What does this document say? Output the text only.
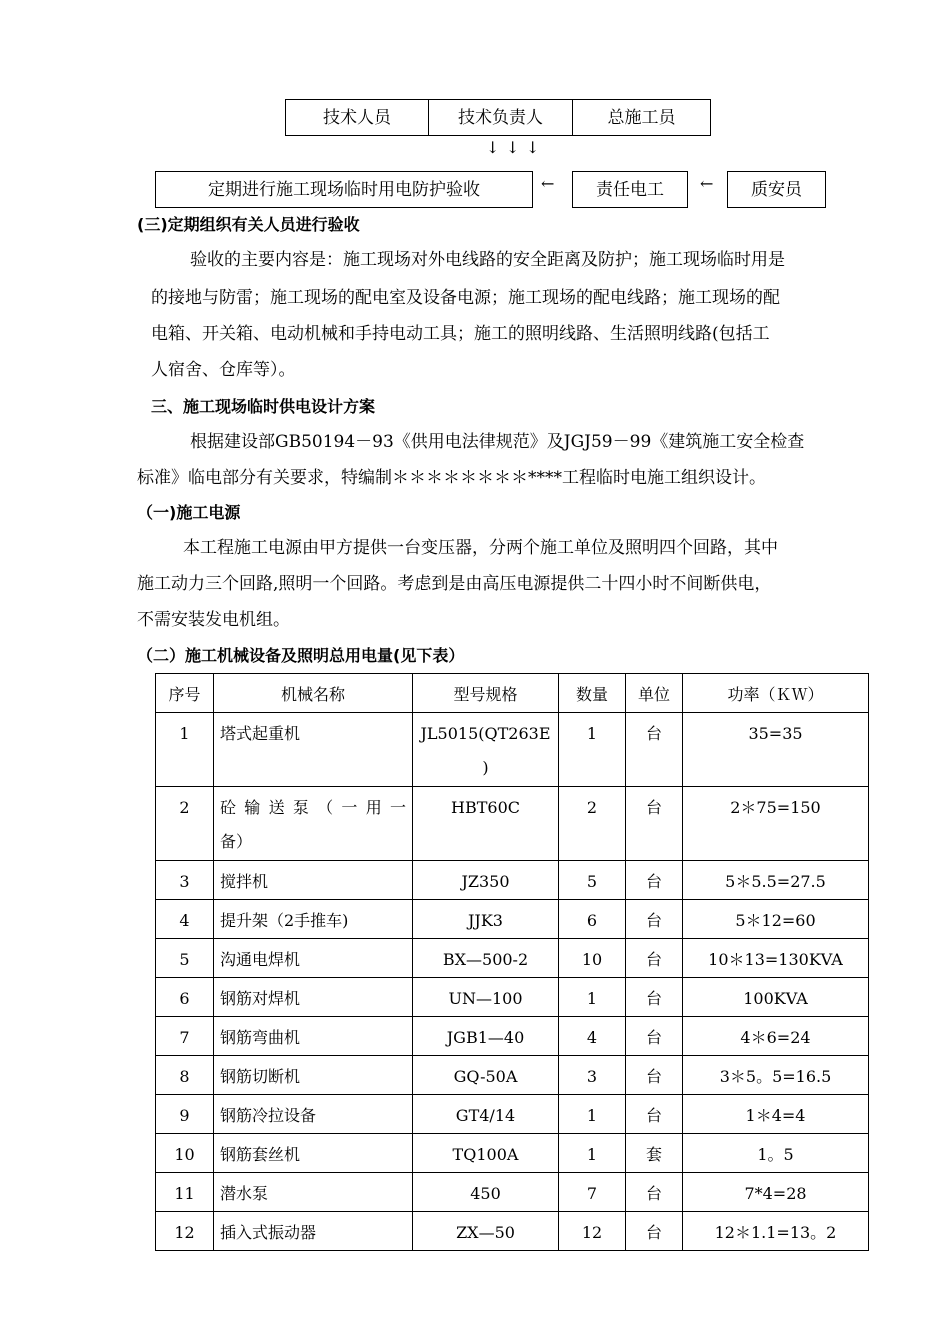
技术人员	技术负责人	总施工员
↓ ↓ ↓
定期进行施工现场临时用电防护验收	←	责任电工	←	质安员
(三)定期组织有关人员进行验收
验收的主要内容是：施工现场对外电线路的安全距离及防护；施工现场临时用是
的接地与防雷；施工现场的配电室及设备电源；施工现场的配电线路；施工现场的配
电箱、开关箱、电动机械和手持电动工具；施工的照明线路、生活照明线路(包括工
人宿舍、仓库等）。
三、施工现场临时供电设计方案
根据建设部GB50194－93《供用电法律规范》及JGJ59－99《建筑施工安全检查
标准》临电部分有关要求，特编制＊＊＊＊＊＊＊＊****工程临时电施工组织设计。
（一)施工电源
本工程施工电源由甲方提供一台变压器，分两个施工单位及照明四个回路，其中
施工动力三个回路,照明一个回路。考虑到是由高压电源提供二十四小时不间断供电，
不需安装发电机组。
（二）施工机械设备及照明总用电量(见下表）
序号	机械名称	型号规格	数量	单位	功率（ＫＷ）
1	塔式起重机	JL5015(QT263E
)	1	台	35=35
2	砼输送泵（一用一
备）	HBT60C	2	台	2＊75=150
3	搅拌机	JZ350	5	台	5＊5.5=27.5
4	提升架（2手推车)	JJK3	6	台	5＊12=60
5	沟通电焊机	BX—500-2	10	台	10＊13=130KVA
6	钢筋对焊机	UN—100	1	台	100KVA
7	钢筋弯曲机	JGB1—40	4	台	4＊6=24
8	钢筋切断机	GQ-50A	3	台	3＊5。5=16.5
9	钢筋冷拉设备	GT4/14	1	台	1＊4=4
10	钢筋套丝机	TQ100A	1	套	1。5
11	潜水泵	450	7	台	7*4=28
12	插入式振动器	ZX—50	12	台	12＊1.1=13。2
